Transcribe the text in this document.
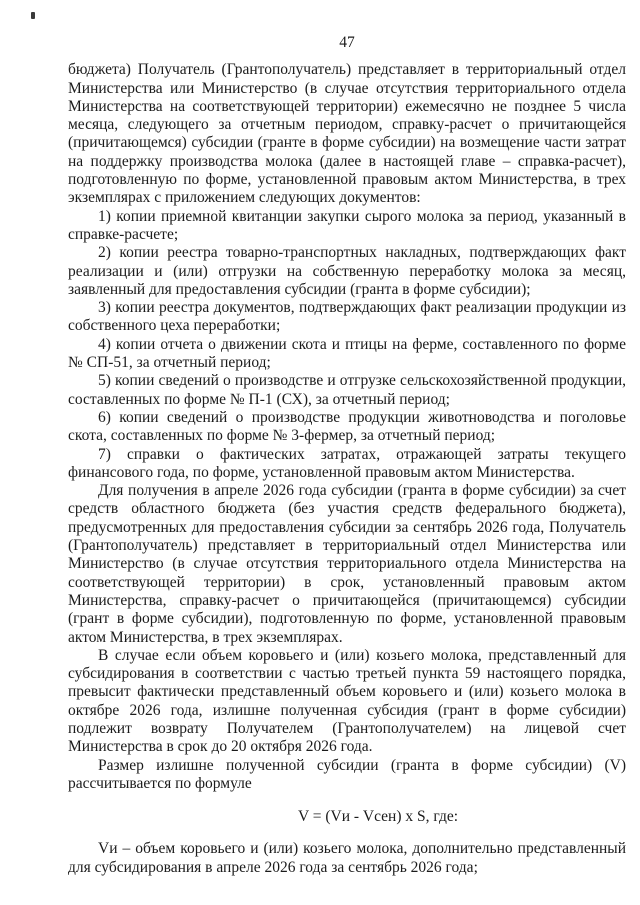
47

бюджета) Получатель (Грантополучатель) представляет в территориальный отдел Министерства или Министерство (в случае отсутствия территориального отдела Министерства на соответствующей территории) ежемесячно не позднее 5 числа месяца, следующего за отчетным периодом, справку-расчет о причитающейся (причитающемся) субсидии (гранте в форме субсидии) на возмещение части затрат на поддержку производства молока (далее в настоящей главе – справка-расчет), подготовленную по форме, установленной правовым актом Министерства, в трех экземплярах с приложением следующих документов:

1) копии приемной квитанции закупки сырого молока за период, указанный в справке-расчете;

2) копии реестра товарно-транспортных накладных, подтверждающих факт реализации и (или) отгрузки на собственную переработку молока за месяц, заявленный для предоставления субсидии (гранта в форме субсидии);

3) копии реестра документов, подтверждающих факт реализации продукции из собственного цеха переработки;

4) копии отчета о движении скота и птицы на ферме, составленного по форме № СП-51, за отчетный период;

5) копии сведений о производстве и отгрузке сельскохозяйственной продукции, составленных по форме № П-1 (СХ), за отчетный период;

6) копии сведений о производстве продукции животноводства и поголовье скота, составленных по форме № 3-фермер, за отчетный период;

7) справки о фактических затратах, отражающей затраты текущего финансового года, по форме, установленной правовым актом Министерства.

Для получения в апреле 2026 года субсидии (гранта в форме субсидии) за счет средств областного бюджета (без участия средств федерального бюджета), предусмотренных для предоставления субсидии за сентябрь 2026 года, Получатель (Грантополучатель) представляет в территориальный отдел Министерства или Министерство (в случае отсутствия территориального отдела Министерства на соответствующей территории) в срок, установленный правовым актом Министерства, справку-расчет о причитающейся (причитающемся) субсидии (грант в форме субсидии), подготовленную по форме, установленной правовым актом Министерства, в трех экземплярах.

В случае если объем коровьего и (или) козьего молока, представленный для субсидирования в соответствии с частью третьей пункта 59 настоящего порядка, превысит фактически представленный объем коровьего и (или) козьего молока в октябре 2026 года, излишне полученная субсидия (грант в форме субсидии) подлежит возврату Получателем (Грантополучателем) на лицевой счет Министерства в срок до 20 октября 2026 года.

Размер излишне полученной субсидии (гранта в форме субсидии) (V) рассчитывается по формуле

V = (Vи - Vсен) х S, где:

Vи – объем коровьего и (или) козьего молока, дополнительно представленный для субсидирования в апреле 2026 года за сентябрь 2026 года;
